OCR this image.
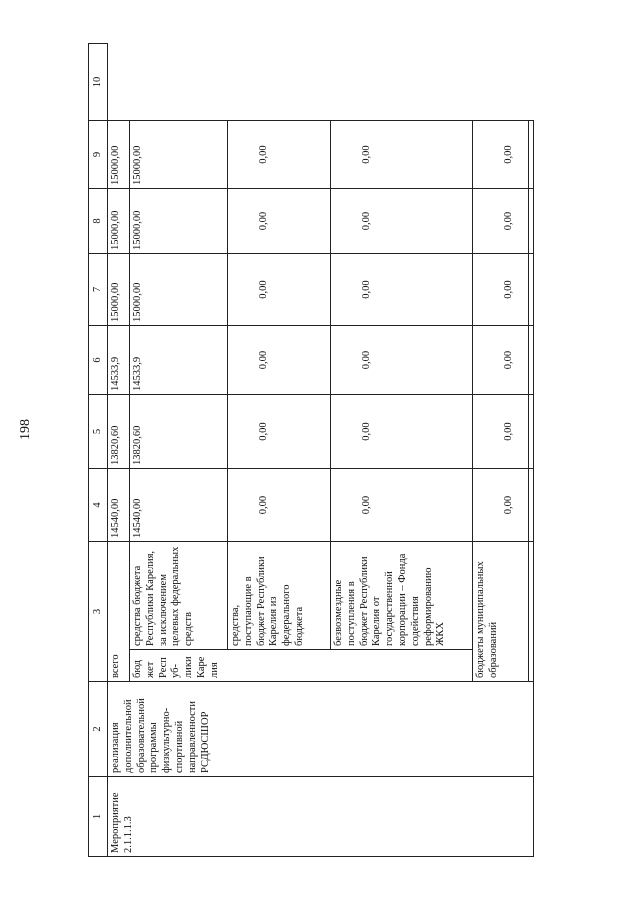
198
1	2	3		4	5	6	7	8	9	10
Мероприятие 2.1.1.1.3	реализация дополнительной образовательной программы физкультурно-спортивной направленности РСДЮСШОР	всего		14540,00	13820,60	14533,9	15000,00	15000,00	15000,00	
		бюджет Респуб-лики Карелия	средства бюджета Республики Карелия, за исключением целевых федеральных средств	14540,00	13820,60	14533,9	15000,00	15000,00	15000,00	
			средства, поступающие в бюджет Республики Карелия из федерального бюджета	0,00	0,00	0,00	0,00	0,00	0,00	
			безвозмездные поступления в бюджет Республики Карелия от государственной корпорации – Фонда содействия реформированию ЖКХ	0,00	0,00	0,00	0,00	0,00	0,00	
		бюджеты муниципальных образований		0,00	0,00	0,00	0,00	0,00	0,00	
